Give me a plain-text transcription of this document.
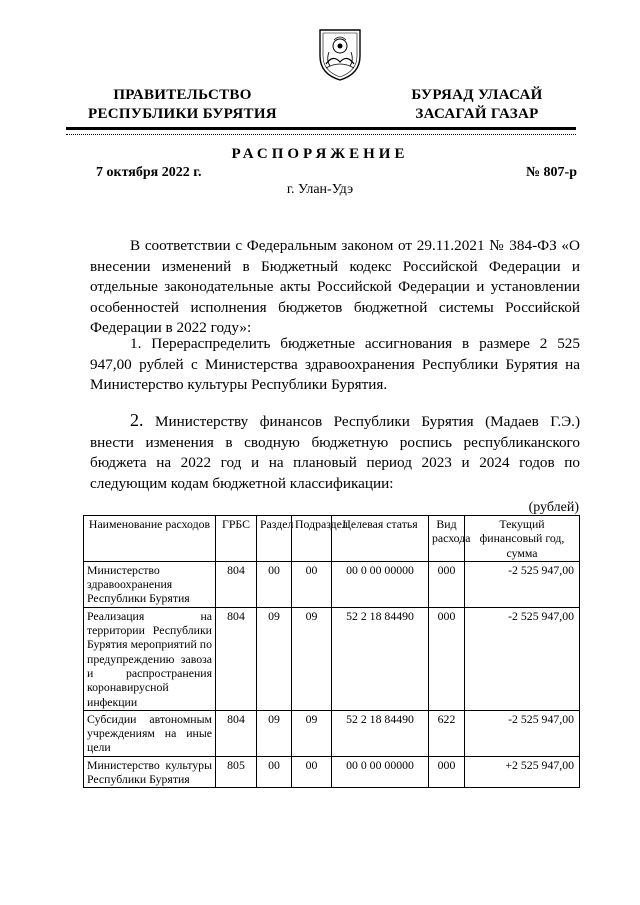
ПРАВИТЕЛЬСТВО
РЕСПУБЛИКИ БУРЯТИЯ
БУРЯАД УЛАСАЙ
ЗАСАГАЙ ГАЗАР
РАСПОРЯЖЕНИЕ
7 октября 2022 г.	№ 807-р
г. Улан-Удэ

В соответствии с Федеральным законом от 29.11.2021 № 384-ФЗ «О внесении изменений в Бюджетный кодекс Российской Федерации и отдельные законодательные акты Российской Федерации и установлении особенностей исполнения бюджетов бюджетной системы Российской Федерации в 2022 году»:

1. Перераспределить бюджетные ассигнования в размере 2 525 947,00 рублей с Министерства здравоохранения Республики Бурятия на Министерство культуры Республики Бурятия.

2. Министерству финансов Республики Бурятия (Мадаев Г.Э.) внести изменения в сводную бюджетную роспись республиканского бюджета на 2022 год и на плановый период 2023 и 2024 годов по следующим кодам бюджетной классификации:

(рублей)
Наименование расходов	ГРБС	Раздел	Подраздел	Целевая статья	Вид расхода	Текущий финансовый год, сумма
Министерство здравоохранения Республики Бурятия	804	00	00	00 0 00 00000	000	-2 525 947,00
Реализация на территории Республики Бурятия мероприятий по предупреждению завоза и распространения коронавирусной инфекции	804	09	09	52 2 18 84490	000	-2 525 947,00
Субсидии автономным учреждениям на иные цели	804	09	09	52 2 18 84490	622	-2 525 947,00
Министерство культуры Республики Бурятия	805	00	00	00 0 00 00000	000	+2 525 947,00
